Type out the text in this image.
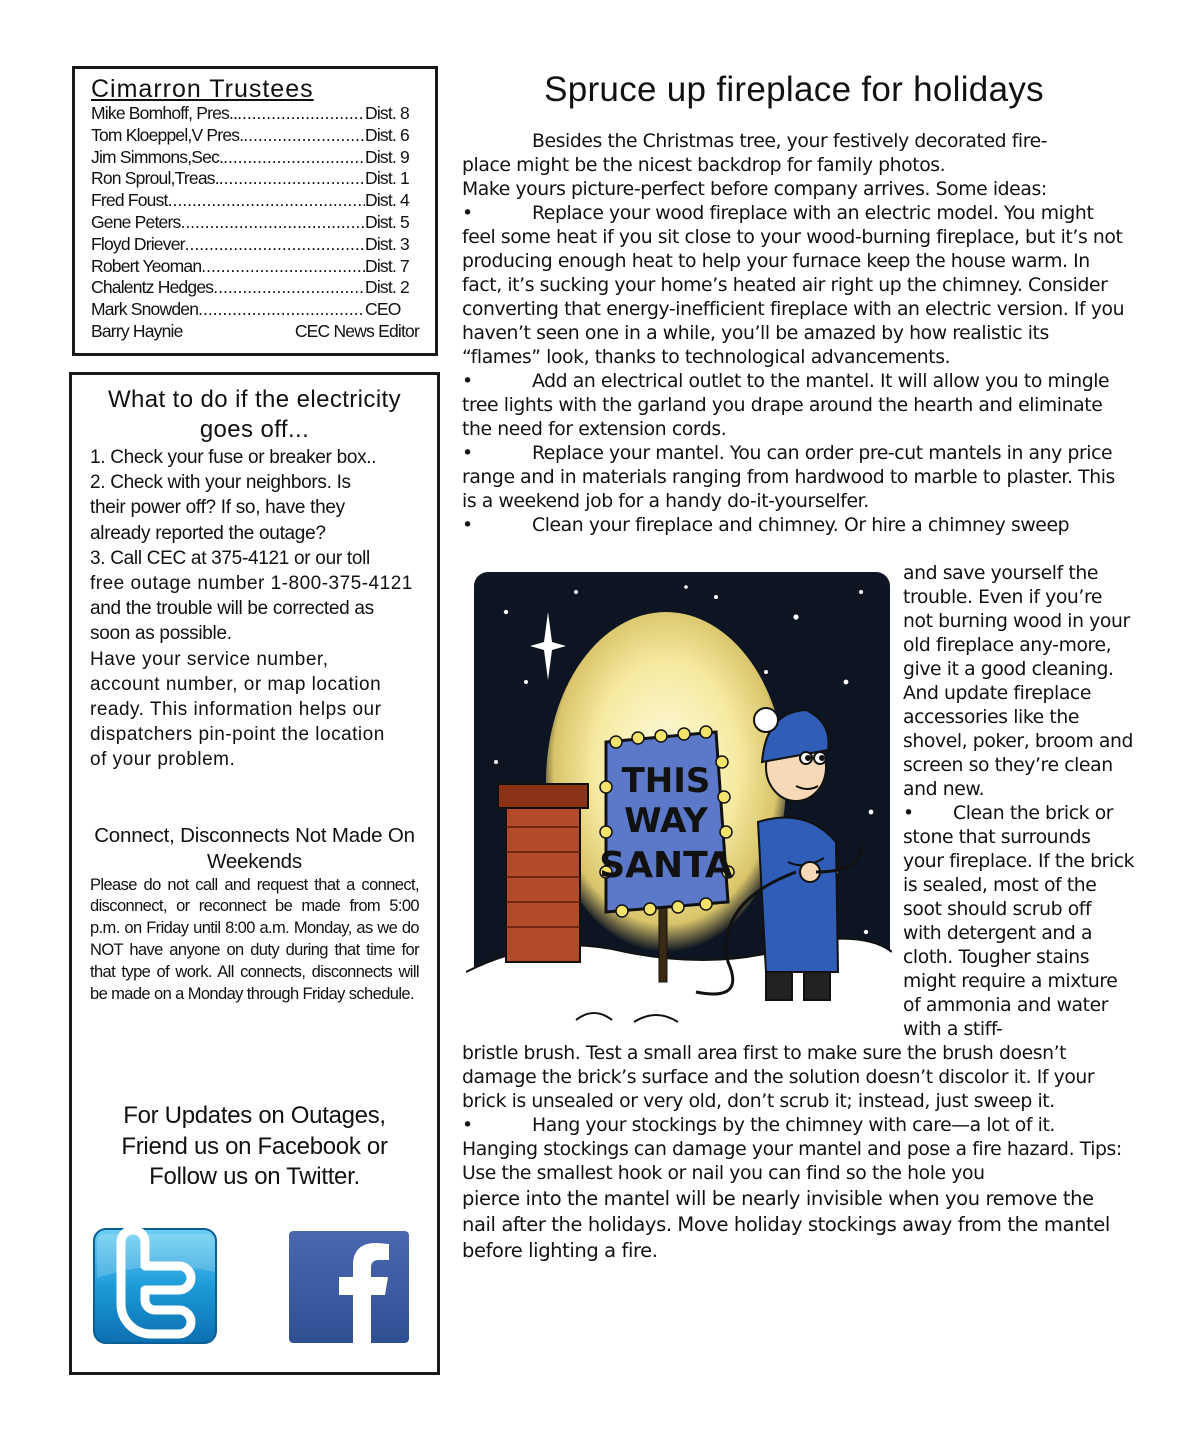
Cimarron Trustees
Mike Bomhoff, Pres.. .....	Dist. 8
Tom Kloeppel,V Pres. .....	Dist. 6
Jim Simmons,Sec. .....	Dist. 9
Ron Sproul,Treas. .....	Dist. 1
Fred Foust .....	Dist. 4
Gene Peters .....	Dist. 5
Floyd Driever .....	Dist. 3
Robert Yeoman .....	Dist. 7
Chalentz Hedges .....	Dist. 2
Mark Snowden .....	CEO
Barry Haynie	CEC News Editor
What to do if the electricity goes off...
1. Check your fuse or breaker box..
2. Check with your neighbors. Is
their power off? If so, have they
already reported the outage?
3. Call CEC at 375-4121 or our toll
free outage number 1-800-375-4121
and the trouble will be corrected as
soon as possible.
Have your service number,
account number, or map location
ready. This information helps our
dispatchers pin-point the location
of your problem.
Connect, Disconnects Not Made On Weekends
Please do not call and request that a connect, disconnect, or reconnect be made from 5:00 p.m. on Friday until 8:00 a.m. Monday, as we do NOT have anyone on duty during that time for that type of work. All connects, disconnects will be made on a Monday through Friday schedule.
For Updates on Outages,
Friend us on Facebook or
Follow us on Twitter.
Spruce up fireplace for holidays

Besides the Christmas tree, your festively decorated fire-

place might be the nicest backdrop for family photos.

Make yours picture-perfect before company arrives. Some ideas:

•	Replace your wood fireplace with an electric model. You might feel some heat if you sit close to your wood-burning fireplace, but it’s not producing enough heat to help your furnace keep the house warm. In fact, it’s sucking your home’s heated air right up the chimney. Consider converting that energy-inefficient fireplace with an electric version. If you haven’t seen one in a while, you’ll be amazed by how realistic its “flames” look, thanks to technological advancements.

•	Add an electrical outlet to the mantel. It will allow you to mingle tree lights with the garland you drape around the hearth and eliminate the need for extension cords.

•	Replace your mantel. You can order pre-cut mantels in any price range and in materials ranging from hardwood to marble to plaster. This is a weekend job for a handy do-it-yourselfer.

•	Clean your fireplace and chimney. Or hire a chimney sweep

and save yourself the trouble. Even if you’re not burning wood in your old fireplace any-more, give it a good cleaning. And update fireplace accessories like the shovel, poker, broom and screen so they’re clean and new.

• Clean the brick or stone that surrounds your fireplace. If the brick is sealed, most of the soot should scrub off with detergent and a cloth. Tougher stains might require a mixture of ammonia and water with a stiff-

bristle brush. Test a small area first to make sure the brush doesn’t damage the brick’s surface and the solution doesn’t discolor it. If your brick is unsealed or very old, don’t scrub it; instead, just sweep it.

•	Hang your stockings by the chimney with care—a lot of it. Hanging stockings can damage your mantel and pose a fire hazard. Tips: Use the smallest hook or nail you can find so the hole you

pierce into the mantel will be nearly invisible when you remove the nail after the holidays. Move holiday stockings away from the mantel before lighting a fire.

THIS
WAY
SANTA
